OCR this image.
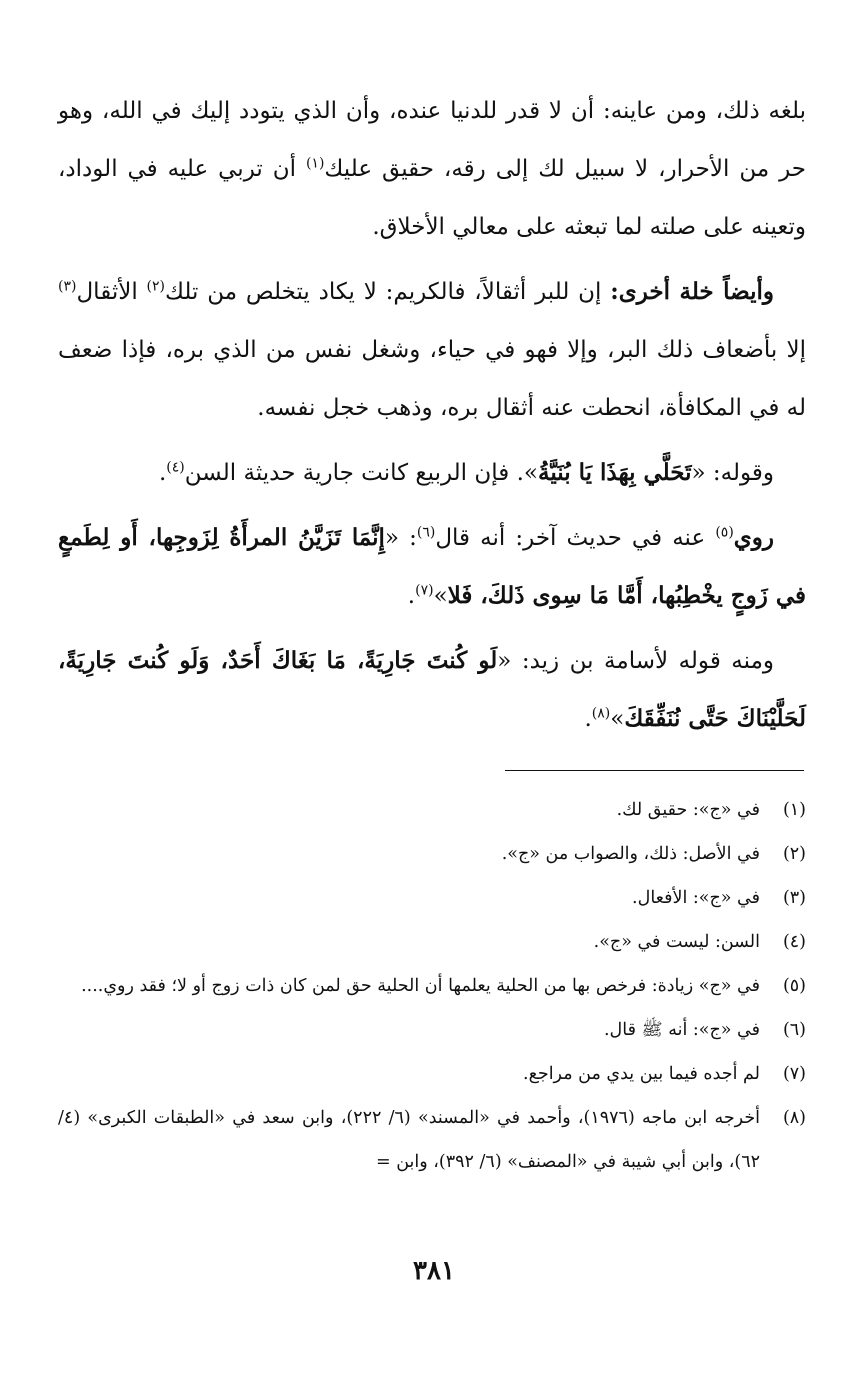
بلغه ذلك، ومن عاينه: أن لا قدر للدنيا عنده، وأن الذي يتودد إليك في الله، وهو حر من الأحرار، لا سبيل لك إلى رقه، حقيق عليك$^{(١)}$ أن تربي عليه في الوداد، وتعينه على صلته لما تبعثه على معالي الأخلاق.

وأيضاً خلة أخرى: إن للبر أثقالاً، فالكريم: لا يكاد يتخلص من تلك$^{(٢)}$ الأثقال$^{(٣)}$ إلا بأضعاف ذلك البر، وإلا فهو في حياء، وشغل نفس من الذي بره، فإذا ضعف له في المكافأة، انحطت عنه أثقال بره، وذهب خجل نفسه.

وقوله: «تَحَلَّي بِهَذَا يَا بُنَيَّةُ». فإن الربيع كانت جارية حديثة السن$^{(٤)}$.

روي$^{(٥)}$ عنه في حديث آخر: أنه قال$^{(٦)}$: «إِنَّمَا تَزَيَّنُ المرأَةُ لِزَوجِها، أَو لِطَمعٍ في زَوجٍ يخْطِبُها، أَمَّا مَا سِوى ذَلكَ، فَلا»$^{(٧)}$.

ومنه قوله لأسامة بن زيد: «لَو كُنتَ جَارِيَةً، مَا بَغَاكَ أَحَدٌ، وَلَو كُنتَ جَارِيَةً، لَحَلَّيْنَاكَ حَتَّى نُنَفِّقَكَ»$^{(٨)}$.

(١)
في «ج»: حقيق لك.
(٢)
في الأصل: ذلك، والصواب من «ج».
(٣)
في «ج»: الأفعال.
(٤)
السن: ليست في «ج».
(٥)
في «ج» زيادة: فرخص بها من الحلية يعلمها أن الحلية حق لمن كان ذات زوج أو لا؛ فقد روي....
(٦)
في «ج»: أنه ﷺ قال.
(٧)
لم أجده فيما بين يدي من مراجع.
(٨)
أخرجه ابن ماجه (١٩٧٦)، وأحمد في «المسند» (٦/ ٢٢٢)، وابن سعد في «الطبقات الكبرى» (٤/ ٦٢)، وابن أبي شيبة في «المصنف» (٦/ ٣٩٢)، وابن =
٣٨١
